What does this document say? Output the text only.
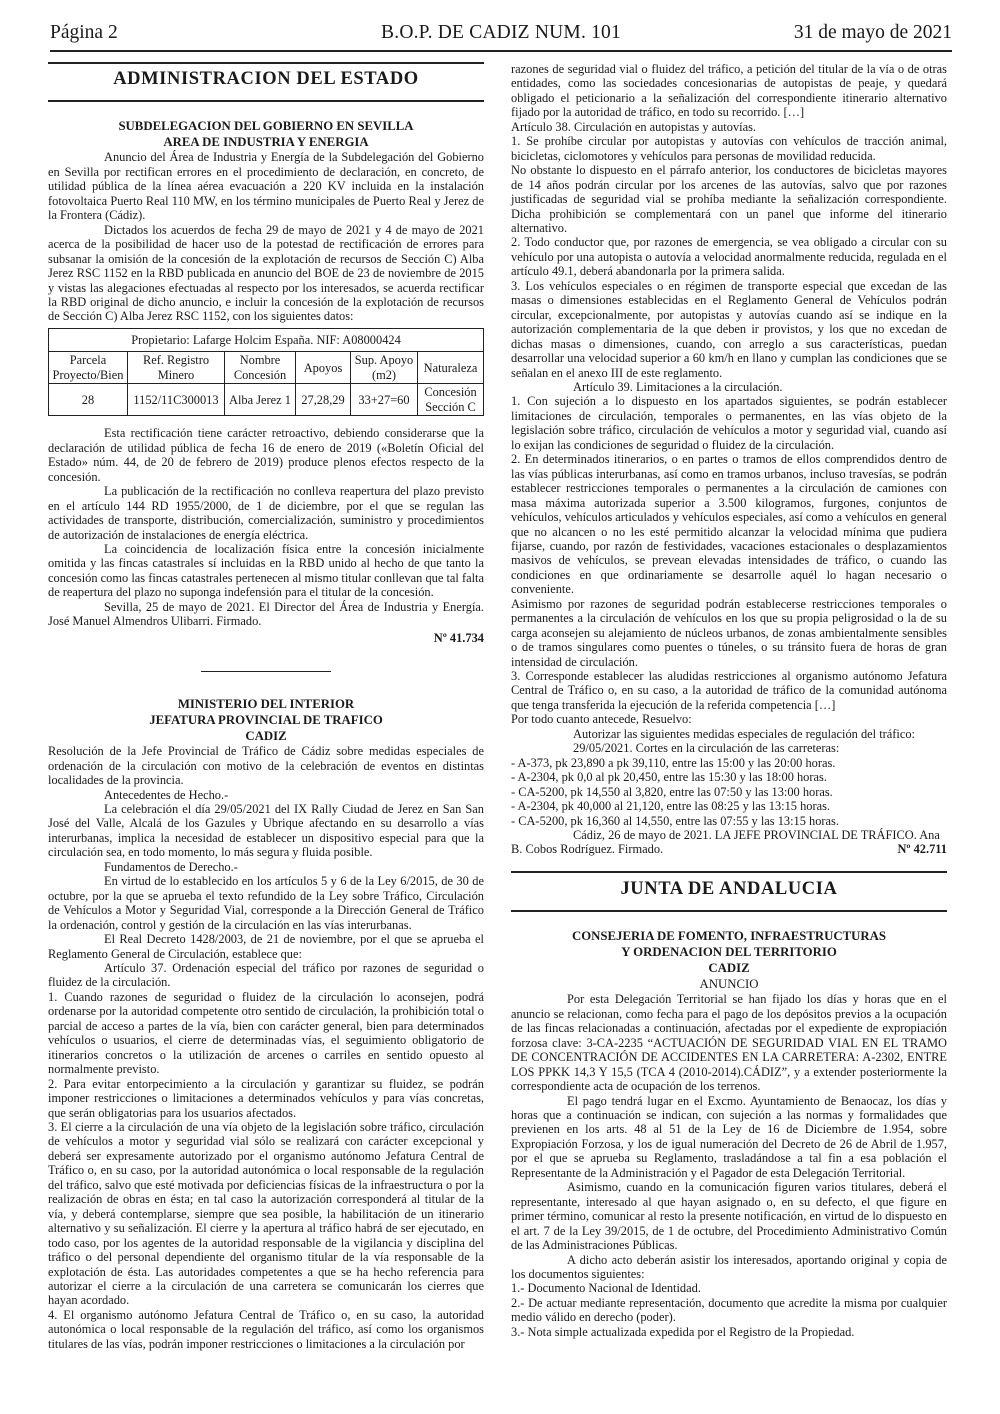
Página 2	B.O.P. DE CADIZ NUM. 101	31 de mayo de 2021
ADMINISTRACION DEL ESTADO
SUBDELEGACION DEL GOBIERNO EN SEVILLA
AREA DE INDUSTRIA Y ENERGIA

Anuncio del Área de Industria y Energía de la Subdelegación del Gobierno en Sevilla por rectifican errores en el procedimiento de declaración, en concreto, de utilidad pública de la línea aérea evacuación a 220 KV incluida en la instalación fotovoltaica Puerto Real 110 MW, en los término municipales de Puerto Real y Jerez de la Frontera (Cádiz).

Dictados los acuerdos de fecha 29 de mayo de 2021 y 4 de mayo de 2021 acerca de la posibilidad de hacer uso de la potestad de rectificación de errores para subsanar la omisión de la concesión de la explotación de recursos de Sección C) Alba Jerez RSC 1152 en la RBD publicada en anuncio del BOE de 23 de noviembre de 2015 y vistas las alegaciones efectuadas al respecto por los interesados, se acuerda rectificar la RBD original de dicho anuncio, e incluir la concesión de la explotación de recursos de Sección C) Alba Jerez RSC 1152, con los siguientes datos:

Propietario: Lafarge Holcim España. NIF: A08000424					
Parcela Proyecto/Bien	Ref. Registro Minero	Nombre Concesión	Apoyos	Sup. Apoyo (m2)	Naturaleza
28	1152/11C300013	Alba Jerez 1	27,28,29	33+27=60	Concesión Sección C

Esta rectificación tiene carácter retroactivo, debiendo considerarse que la declaración de utilidad pública de fecha 16 de enero de 2019 («Boletín Oficial del Estado» núm. 44, de 20 de febrero de 2019) produce plenos efectos respecto de la concesión.

La publicación de la rectificación no conlleva reapertura del plazo previsto en el artículo 144 RD 1955/2000, de 1 de diciembre, por el que se regulan las actividades de transporte, distribución, comercialización, suministro y procedimientos de autorización de instalaciones de energía eléctrica.

La coincidencia de localización física entre la concesión inicialmente omitida y las fincas catastrales sí incluidas en la RBD unido al hecho de que tanto la concesión como las fincas catastrales pertenecen al mismo titular conllevan que tal falta de reapertura del plazo no suponga indefensión para el titular de la concesión.

Sevilla, 25 de mayo de 2021. El Director del Área de Industria y Energía. José Manuel Almendros Ulibarri. Firmado.

Nº 41.734
MINISTERIO DEL INTERIOR
JEFATURA PROVINCIAL DE TRAFICO
CADIZ

Resolución de la Jefe Provincial de Tráfico de Cádiz sobre medidas especiales de ordenación de la circulación con motivo de la celebración de eventos en distintas localidades de la provincia.

Antecedentes de Hecho.-

La celebración el día 29/05/2021 del IX Rally Ciudad de Jerez en San San José del Valle, Alcalá de los Gazules y Ubrique afectando en su desarrollo a vías interurbanas, implica la necesidad de establecer un dispositivo especial para que la circulación sea, en todo momento, lo más segura y fluida posible.

Fundamentos de Derecho.-

En virtud de lo establecido en los artículos 5 y 6 de la Ley 6/2015, de 30 de octubre, por la que se aprueba el texto refundido de la Ley sobre Tráfico, Circulación de Vehículos a Motor y Seguridad Vial, corresponde a la Dirección General de Tráfico la ordenación, control y gestión de la circulación en las vías interurbanas.

El Real Decreto 1428/2003, de 21 de noviembre, por el que se aprueba el Reglamento General de Circulación, establece que:

Artículo 37. Ordenación especial del tráfico por razones de seguridad o fluidez de la circulación.

1. Cuando razones de seguridad o fluidez de la circulación lo aconsejen, podrá ordenarse por la autoridad competente otro sentido de circulación, la prohibición total o parcial de acceso a partes de la vía, bien con carácter general, bien para determinados vehículos o usuarios, el cierre de determinadas vías, el seguimiento obligatorio de itinerarios concretos o la utilización de arcenes o carriles en sentido opuesto al normalmente previsto.

2. Para evitar entorpecimiento a la circulación y garantizar su fluidez, se podrán imponer restricciones o limitaciones a determinados vehículos y para vías concretas, que serán obligatorias para los usuarios afectados.

3. El cierre a la circulación de una vía objeto de la legislación sobre tráfico, circulación de vehículos a motor y seguridad vial sólo se realizará con carácter excepcional y deberá ser expresamente autorizado por el organismo autónomo Jefatura Central de Tráfico o, en su caso, por la autoridad autonómica o local responsable de la regulación del tráfico, salvo que esté motivada por deficiencias físicas de la infraestructura o por la realización de obras en ésta; en tal caso la autorización corresponderá al titular de la vía, y deberá contemplarse, siempre que sea posible, la habilitación de un itinerario alternativo y su señalización. El cierre y la apertura al tráfico habrá de ser ejecutado, en todo caso, por los agentes de la autoridad responsable de la vigilancia y disciplina del tráfico o del personal dependiente del organismo titular de la vía responsable de la explotación de ésta. Las autoridades competentes a que se ha hecho referencia para autorizar el cierre a la circulación de una carretera se comunicarán los cierres que hayan acordado.

4. El organismo autónomo Jefatura Central de Tráfico o, en su caso, la autoridad autonómica o local responsable de la regulación del tráfico, así como los organismos titulares de las vías, podrán imponer restricciones o limitaciones a la circulación por

razones de seguridad vial o fluidez del tráfico, a petición del titular de la vía o de otras entidades, como las sociedades concesionarias de autopistas de peaje, y quedará obligado el peticionario a la señalización del correspondiente itinerario alternativo fijado por la autoridad de tráfico, en todo su recorrido. […]

Artículo 38. Circulación en autopistas y autovías.

1. Se prohíbe circular por autopistas y autovías con vehículos de tracción animal, bicicletas, ciclomotores y vehículos para personas de movilidad reducida.

No obstante lo dispuesto en el párrafo anterior, los conductores de bicicletas mayores de 14 años podrán circular por los arcenes de las autovías, salvo que por razones justificadas de seguridad vial se prohíba mediante la señalización correspondiente. Dicha prohibición se complementará con un panel que informe del itinerario alternativo.

2. Todo conductor que, por razones de emergencia, se vea obligado a circular con su vehículo por una autopista o autovía a velocidad anormalmente reducida, regulada en el artículo 49.1, deberá abandonarla por la primera salida.

3. Los vehículos especiales o en régimen de transporte especial que excedan de las masas o dimensiones establecidas en el Reglamento General de Vehículos podrán circular, excepcionalmente, por autopistas y autovías cuando así se indique en la autorización complementaria de la que deben ir provistos, y los que no excedan de dichas masas o dimensiones, cuando, con arreglo a sus características, puedan desarrollar una velocidad superior a 60 km/h en llano y cumplan las condiciones que se señalan en el anexo III de este reglamento.

Artículo 39. Limitaciones a la circulación.

1. Con sujeción a lo dispuesto en los apartados siguientes, se podrán establecer limitaciones de circulación, temporales o permanentes, en las vías objeto de la legislación sobre tráfico, circulación de vehículos a motor y seguridad vial, cuando así lo exijan las condiciones de seguridad o fluidez de la circulación.

2. En determinados itinerarios, o en partes o tramos de ellos comprendidos dentro de las vías públicas interurbanas, así como en tramos urbanos, incluso travesías, se podrán establecer restricciones temporales o permanentes a la circulación de camiones con masa máxima autorizada superior a 3.500 kilogramos, furgones, conjuntos de vehículos, vehículos articulados y vehículos especiales, así como a vehículos en general que no alcancen o no les esté permitido alcanzar la velocidad mínima que pudiera fijarse, cuando, por razón de festividades, vacaciones estacionales o desplazamientos masivos de vehículos, se prevean elevadas intensidades de tráfico, o cuando las condiciones en que ordinariamente se desarrolle aquél lo hagan necesario o conveniente.

Asimismo por razones de seguridad podrán establecerse restricciones temporales o permanentes a la circulación de vehículos en los que su propia peligrosidad o la de su carga aconsejen su alejamiento de núcleos urbanos, de zonas ambientalmente sensibles o de tramos singulares como puentes o túneles, o su tránsito fuera de horas de gran intensidad de circulación.

3. Corresponde establecer las aludidas restricciones al organismo autónomo Jefatura Central de Tráfico o, en su caso, a la autoridad de tráfico de la comunidad autónoma que tenga transferida la ejecución de la referida competencia […]

Por todo cuanto antecede, Resuelvo:

Autorizar las siguientes medidas especiales de regulación del tráfico:

29/05/2021. Cortes en la circulación de las carreteras:

- A-373, pk 23,890 a pk 39,110, entre las 15:00 y las 20:00 horas.

- A-2304, pk 0,0 al pk 20,450, entre las 15:30 y las 18:00 horas.

- CA-5200, pk 14,550 al 3,820, entre las 07:50 y las 13:00 horas.

- A-2304, pk 40,000 al 21,120, entre las 08:25 y las 13:15 horas.

- CA-5200, pk 16,360 al 14,550, entre las 07:55 y las 13:15 horas.

Cádiz, 26 de mayo de 2021. LA JEFE PROVINCIAL DE TRÁFICO. Ana

B. Cobos Rodríguez. Firmado.	Nº 42.711
JUNTA DE ANDALUCIA
CONSEJERIA DE FOMENTO, INFRAESTRUCTURAS
Y ORDENACION DEL TERRITORIO
CADIZ
ANUNCIO

Por esta Delegación Territorial se han fijado los días y horas que en el anuncio se relacionan, como fecha para el pago de los depósitos previos a la ocupación de las fincas relacionadas a continuación, afectadas por el expediente de expropiación forzosa clave: 3-CA-2235 “ACTUACIÓN DE SEGURIDAD VIAL EN EL TRAMO DE CONCENTRACIÓN DE ACCIDENTES EN LA CARRETERA: A-2302, ENTRE LOS PPKK 14,3 Y 15,5 (TCA 4 (2010-2014).CÁDIZ”, y a extender posteriormente la correspondiente acta de ocupación de los terrenos.

El pago tendrá lugar en el Excmo. Ayuntamiento de Benaocaz, los días y horas que a continuación se indican, con sujeción a las normas y formalidades que previenen en los arts. 48 al 51 de la Ley de 16 de Diciembre de 1.954, sobre Expropiación Forzosa, y los de igual numeración del Decreto de 26 de Abril de 1.957, por el que se aprueba su Reglamento, trasladándose a tal fin a esa población el Representante de la Administración y el Pagador de esta Delegación Territorial.

Asimismo, cuando en la comunicación figuren varios titulares, deberá el representante, interesado al que hayan asignado o, en su defecto, el que figure en primer término, comunicar al resto la presente notificación, en virtud de lo dispuesto en el art. 7 de la Ley 39/2015, de 1 de octubre, del Procedimiento Administrativo Común de las Administraciones Públicas.

A dicho acto deberán asistir los interesados, aportando original y copia de los documentos siguientes:

1.- Documento Nacional de Identidad.

2.- De actuar mediante representación, documento que acredite la misma por cualquier medio válido en derecho (poder).

3.- Nota simple actualizada expedida por el Registro de la Propiedad.
